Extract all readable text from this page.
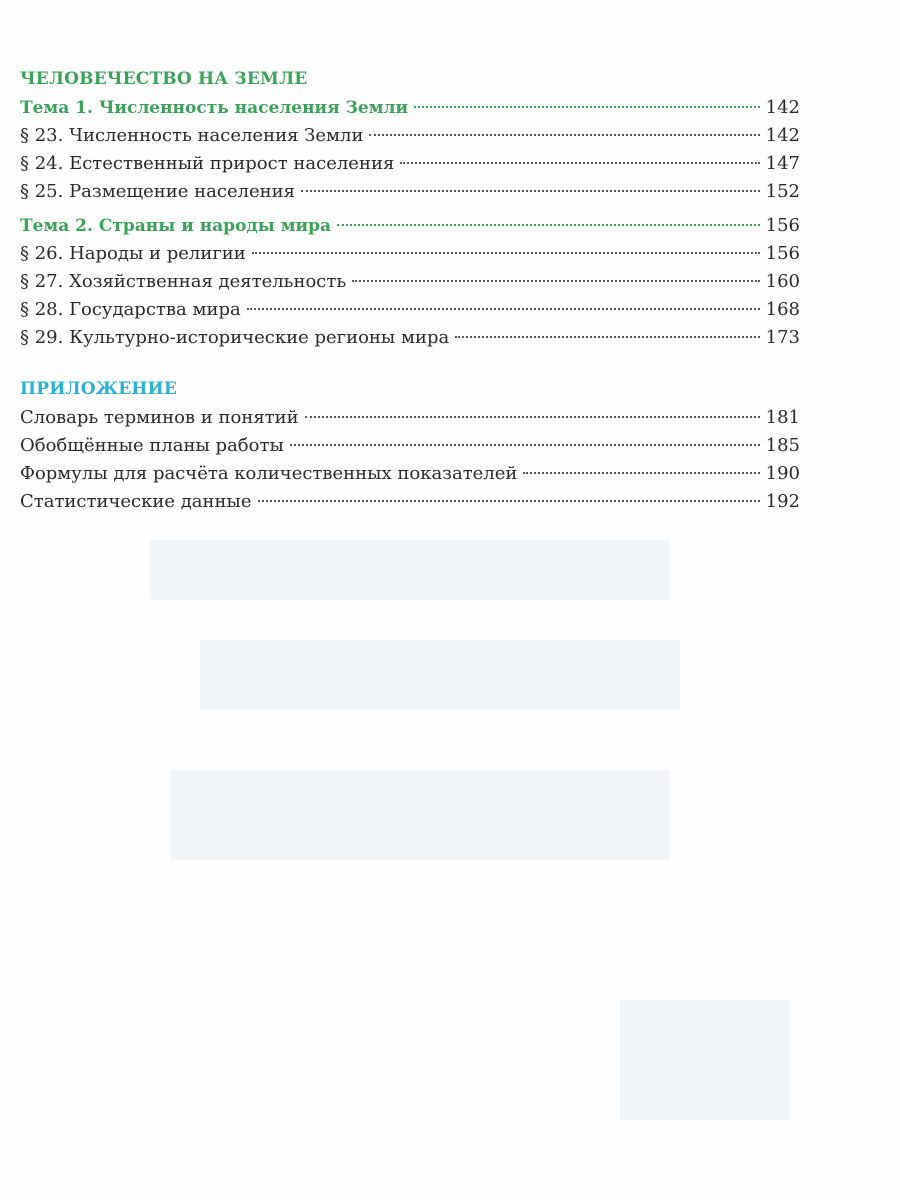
ЧЕЛОВЕЧЕСТВО НА ЗЕМЛЕ
Тема 1. Численность населения Земли	142
§ 23. Численность населения Земли	142
§ 24. Естественный прирост населения	147
§ 25. Размещение населения	152
Тема 2. Страны и народы мира	156
§ 26. Народы и религии	156
§ 27. Хозяйственная деятельность	160
§ 28. Государства мира	168
§ 29. Культурно-исторические регионы мира	173
ПРИЛОЖЕНИЕ
Словарь терминов и понятий	181
Обобщённые планы работы	185
Формулы для расчёта количественных показателей	190
Статистические данные	192
